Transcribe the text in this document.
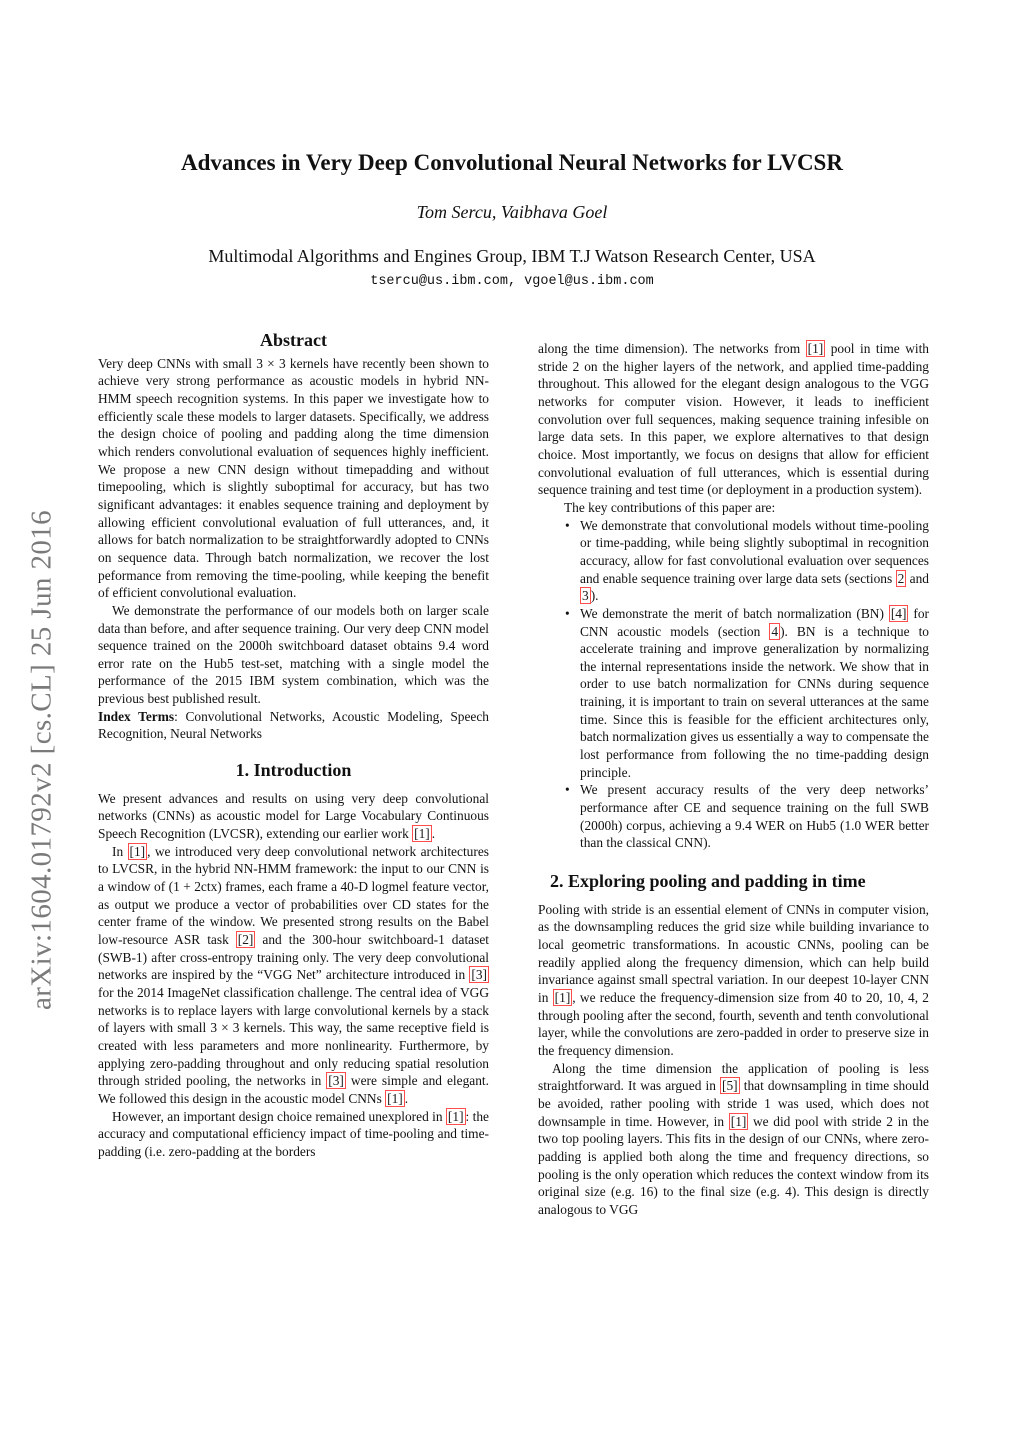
arXiv:1604.01792v2 [cs.CL] 25 Jun 2016
Advances in Very Deep Convolutional Neural Networks for LVCSR
Tom Sercu, Vaibhava Goel
Multimodal Algorithms and Engines Group, IBM T.J Watson Research Center, USA
tsercu@us.ibm.com, vgoel@us.ibm.com
Abstract

Very deep CNNs with small 3 × 3 kernels have recently been shown to achieve very strong performance as acoustic models in hybrid NN-HMM speech recognition systems. In this paper we investigate how to efficiently scale these models to larger datasets. Specifically, we address the design choice of pooling and padding along the time dimension which renders convolutional evaluation of sequences highly inefficient. We propose a new CNN design without timepadding and without timepooling, which is slightly suboptimal for accuracy, but has two significant advantages: it enables sequence training and deployment by allowing efficient convolutional evaluation of full utterances, and, it allows for batch normalization to be straightforwardly adopted to CNNs on sequence data. Through batch normalization, we recover the lost peformance from removing the time-pooling, while keeping the benefit of efficient convolutional evaluation.

We demonstrate the performance of our models both on larger scale data than before, and after sequence training. Our very deep CNN model sequence trained on the 2000h switchboard dataset obtains 9.4 word error rate on the Hub5 test-set, matching with a single model the performance of the 2015 IBM system combination, which was the previous best published result.

Index Terms: Convolutional Networks, Acoustic Modeling, Speech Recognition, Neural Networks

1. Introduction

We present advances and results on using very deep convolutional networks (CNNs) as acoustic model for Large Vocabulary Continuous Speech Recognition (LVCSR), extending our earlier work [1] .

In [1] , we introduced very deep convolutional network architectures to LVCSR, in the hybrid NN-HMM framework: the input to our CNN is a window of (1 + 2ctx) frames, each frame a 40-D logmel feature vector, as output we produce a vector of probabilities over CD states for the center frame of the window. We presented strong results on the Babel low-resource ASR task [2] and the 300-hour switchboard-1 dataset (SWB-1) after cross-entropy training only. The very deep convolutional networks are inspired by the “VGG Net” architecture introduced in [3] for the 2014 ImageNet classification challenge. The central idea of VGG networks is to replace layers with large convolutional kernels by a stack of layers with small 3 × 3 kernels. This way, the same receptive field is created with less parameters and more nonlinearity. Furthermore, by applying zero-padding throughout and only reducing spatial resolution through strided pooling, the networks in [3] were simple and elegant. We followed this design in the acoustic model CNNs [1] .

However, an important design choice remained unexplored in [1] : the accuracy and computational efficiency impact of time-pooling and time-padding (i.e. zero-padding at the borders

along the time dimension). The networks from [1] pool in time with stride 2 on the higher layers of the network, and applied time-padding throughout. This allowed for the elegant design analogous to the VGG networks for computer vision. However, it leads to inefficient convolution over full sequences, making sequence training infesible on large data sets. In this paper, we explore alternatives to that design choice. Most importantly, we focus on designs that allow for efficient convolutional evaluation of full utterances, which is essential during sequence training and test time (or deployment in a production system).

The key contributions of this paper are:

• We demonstrate that convolutional models without time-pooling or time-padding, while being slightly suboptimal in recognition accuracy, allow for fast convolutional evaluation over sequences and enable sequence training over large data sets (sections 2 and 3 ).
• We demonstrate the merit of batch normalization (BN) [4] for CNN acoustic models (section 4 ). BN is a technique to accelerate training and improve generalization by normalizing the internal representations inside the network. We show that in order to use batch normalization for CNNs during sequence training, it is important to train on several utterances at the same time. Since this is feasible for the efficient architectures only, batch normalization gives us essentially a way to compensate the lost performance from following the no time-padding design principle.
• We present accuracy results of the very deep networks’ performance after CE and sequence training on the full SWB (2000h) corpus, achieving a 9.4 WER on Hub5 (1.0 WER better than the classical CNN).
2. Exploring pooling and padding in time

Pooling with stride is an essential element of CNNs in computer vision, as the downsampling reduces the grid size while building invariance to local geometric transformations. In acoustic CNNs, pooling can be readily applied along the frequency dimension, which can help build invariance against small spectral variation. In our deepest 10-layer CNN in [1] , we reduce the frequency-dimension size from 40 to 20, 10, 4, 2 through pooling after the second, fourth, seventh and tenth convolutional layer, while the convolutions are zero-padded in order to preserve size in the frequency dimension.

Along the time dimension the application of pooling is less straightforward. It was argued in [5] that downsampling in time should be avoided, rather pooling with stride 1 was used, which does not downsample in time. However, in [1] we did pool with stride 2 in the two top pooling layers. This fits in the design of our CNNs, where zero-padding is applied both along the time and frequency directions, so pooling is the only operation which reduces the context window from its original size (e.g. 16) to the final size (e.g. 4). This design is directly analogous to VGG
